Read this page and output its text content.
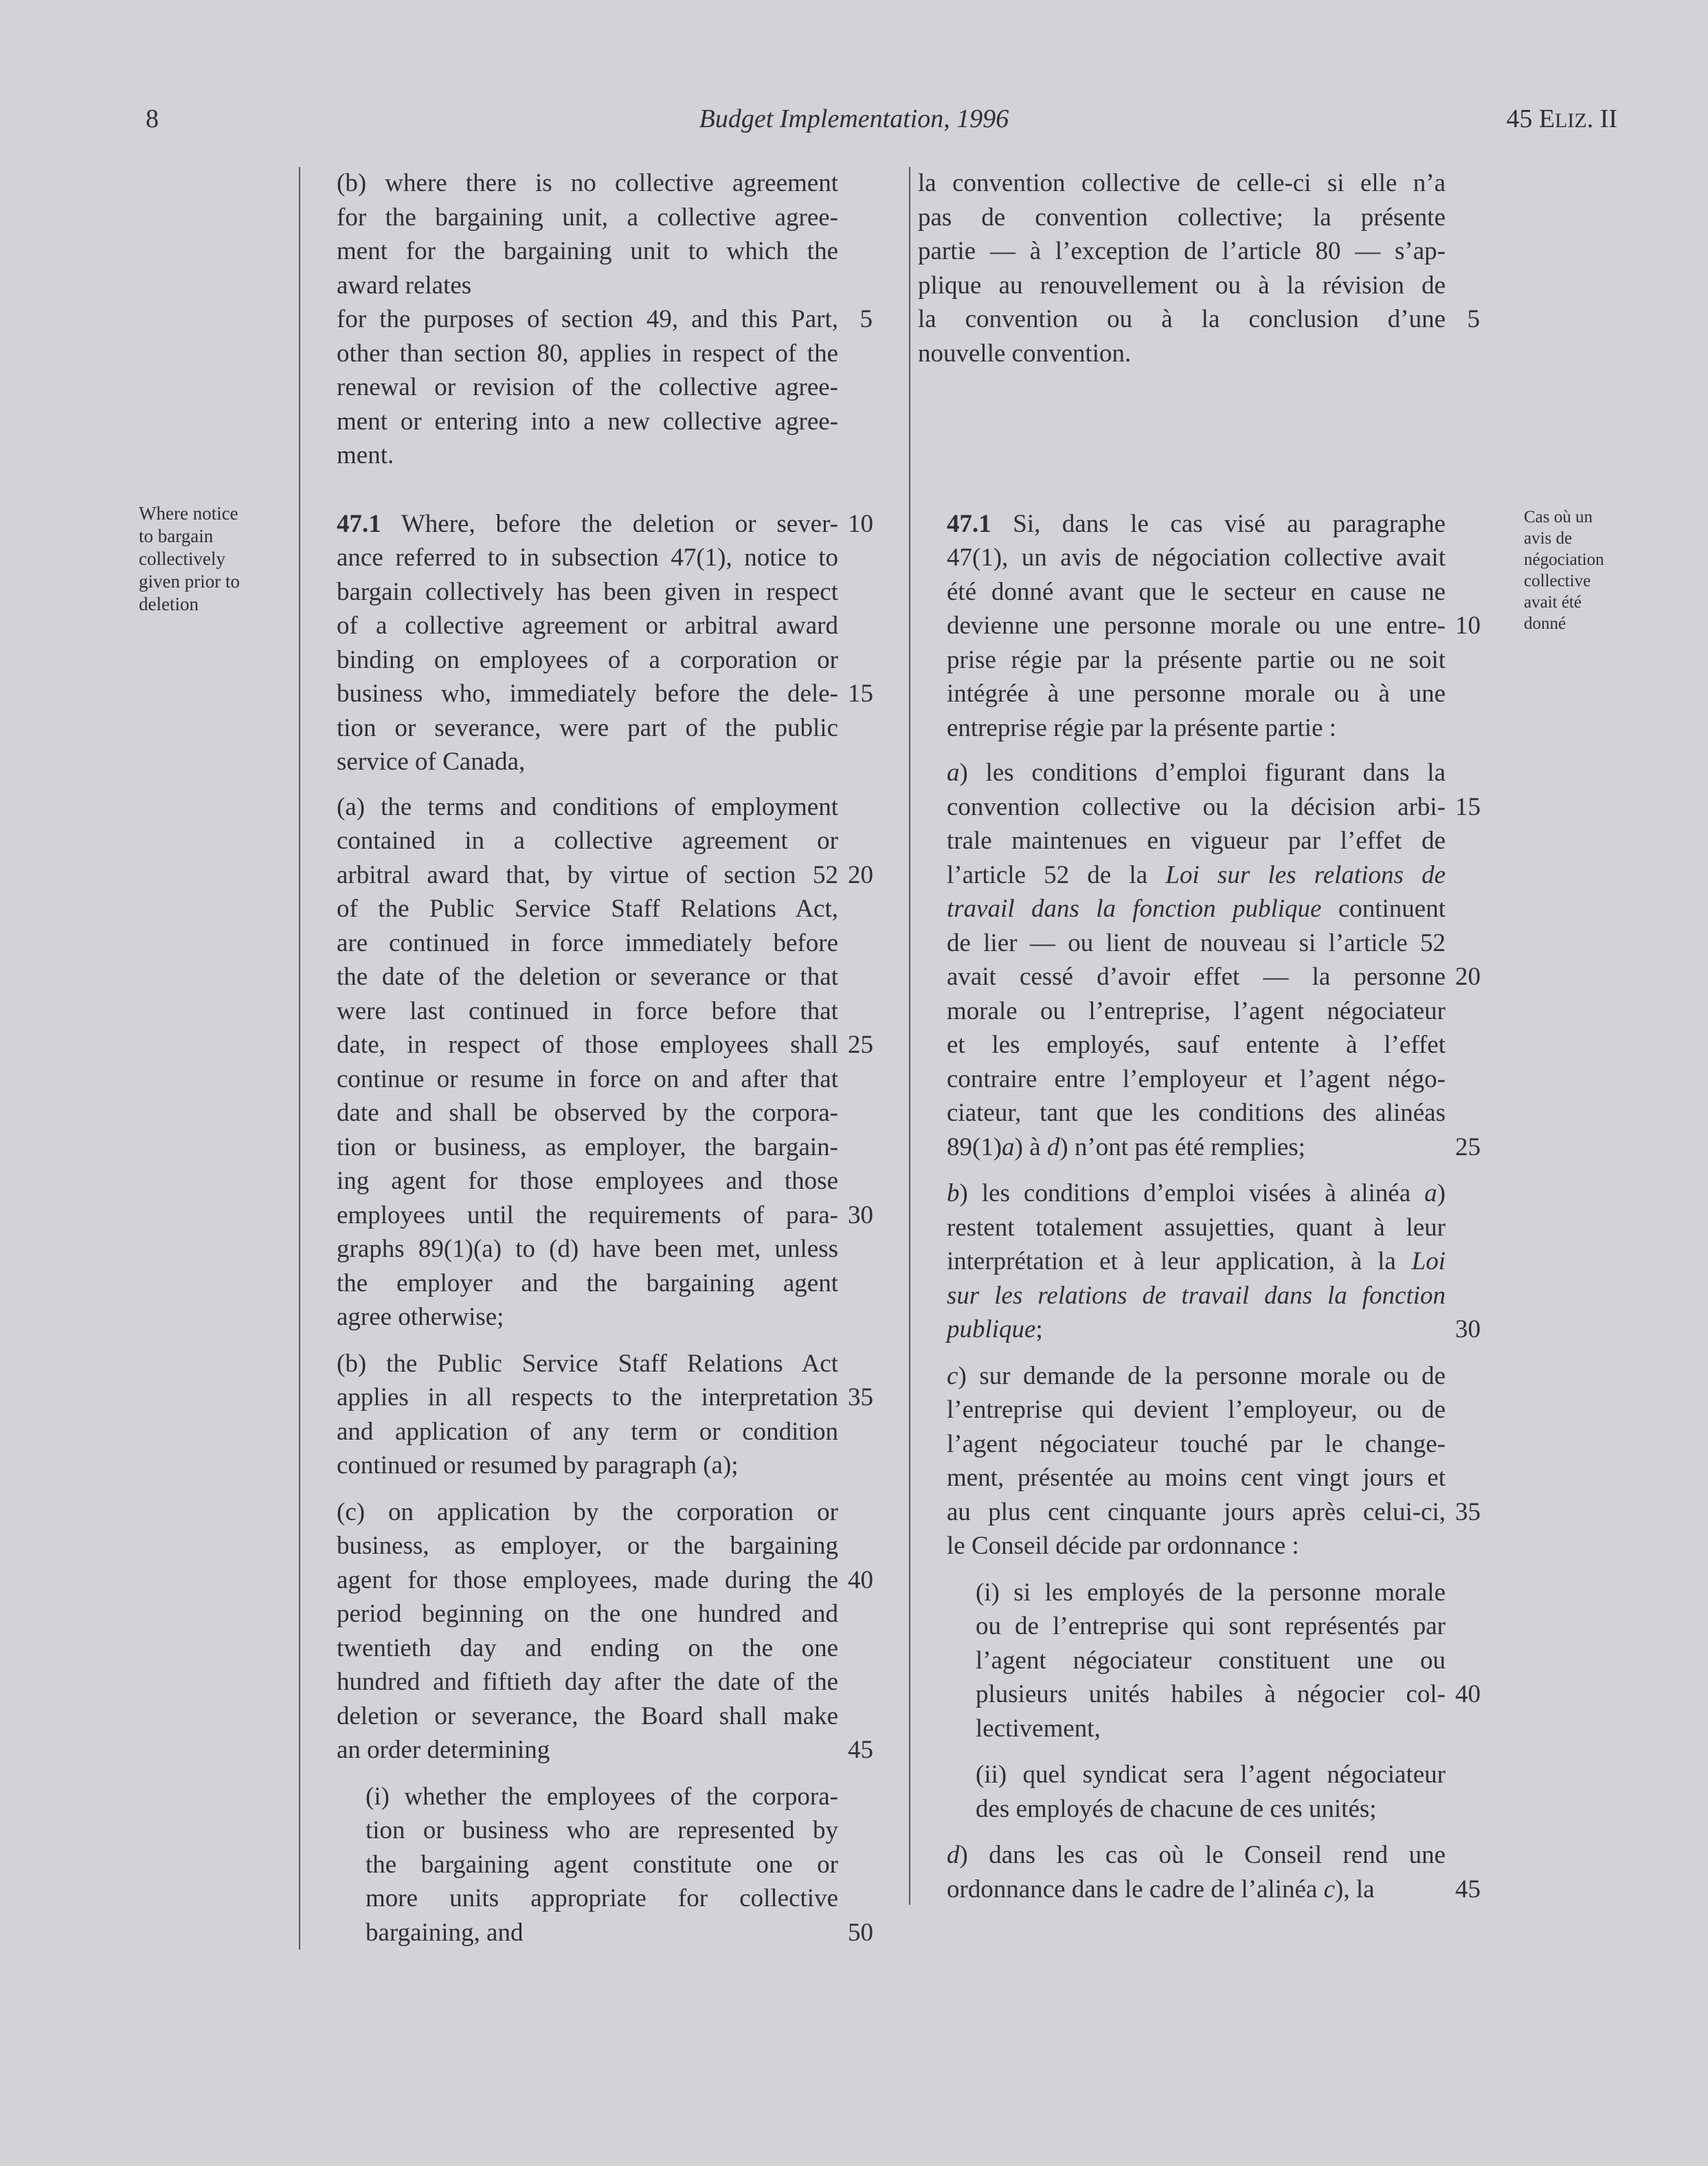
8	Budget Implementation, 1996	45 ELIZ. II
Where notice
to bargain
collectively
given prior to
deletion
Cas où un
avis de
négociation
collective
avait été
donné
(b) where there is no collective agreement
for the bargaining unit, a collective agree-
ment for the bargaining unit to which the
award relates
for the purposes of section 49, and this Part, 5
other than section 80, applies in respect of the
renewal or revision of the collective agree-
ment or entering into a new collective agree-
ment.
47.1 Where, before the deletion or sever- 10
ance referred to in subsection 47(1), notice to
bargain collectively has been given in respect
of a collective agreement or arbitral award
binding on employees of a corporation or
business who, immediately before the dele- 15
tion or severance, were part of the public
service of Canada,
(a) the terms and conditions of employment
contained in a collective agreement or
arbitral award that, by virtue of section 52 20
of the Public Service Staff Relations Act,
are continued in force immediately before
the date of the deletion or severance or that
were last continued in force before that
date, in respect of those employees shall 25
continue or resume in force on and after that
date and shall be observed by the corpora-
tion or business, as employer, the bargain-
ing agent for those employees and those
employees until the requirements of para- 30
graphs 89(1)(a) to (d) have been met, unless
the employer and the bargaining agent
agree otherwise;
(b) the Public Service Staff Relations Act
applies in all respects to the interpretation 35
and application of any term or condition
continued or resumed by paragraph (a);
(c) on application by the corporation or
business, as employer, or the bargaining
agent for those employees, made during the 40
period beginning on the one hundred and
twentieth day and ending on the one
hundred and fiftieth day after the date of the
deletion or severance, the Board shall make
an order determining	45
(i) whether the employees of the corpora-
tion or business who are represented by
the bargaining agent constitute one or
more units appropriate for collective
bargaining, and	50
la convention collective de celle-ci si elle n’a
pas de convention collective; la présente
partie — à l’exception de l’article 80 — s’ap-
plique au renouvellement ou à la révision de
la convention ou à la conclusion d’une 5
nouvelle convention.
47.1 Si, dans le cas visé au paragraphe
47(1), un avis de négociation collective avait
été donné avant que le secteur en cause ne
devienne une personne morale ou une entre- 10
prise régie par la présente partie ou ne soit
intégrée à une personne morale ou à une
entreprise régie par la présente partie :
a) les conditions d’emploi figurant dans la
convention collective ou la décision arbi- 15
trale maintenues en vigueur par l’effet de
l’article 52 de la Loi sur les relations de
travail dans la fonction publique continuent
de lier — ou lient de nouveau si l’article 52
avait cessé d’avoir effet — la personne 20
morale ou l’entreprise, l’agent négociateur
et les employés, sauf entente à l’effet
contraire entre l’employeur et l’agent négo-
ciateur, tant que les conditions des alinéas
89(1)a) à d) n’ont pas été remplies;	25
b) les conditions d’emploi visées à alinéa a)
restent totalement assujetties, quant à leur
interprétation et à leur application, à la Loi
sur les relations de travail dans la fonction
publique;	30
c) sur demande de la personne morale ou de
l’entreprise qui devient l’employeur, ou de
l’agent négociateur touché par le change-
ment, présentée au moins cent vingt jours et
au plus cent cinquante jours après celui-ci, 35
le Conseil décide par ordonnance :
(i) si les employés de la personne morale
ou de l’entreprise qui sont représentés par
l’agent négociateur constituent une ou
plusieurs unités habiles à négocier col- 40
lectivement,
(ii) quel syndicat sera l’agent négociateur
des employés de chacune de ces unités;
d) dans les cas où le Conseil rend une
ordonnance dans le cadre de l’alinéa c), la	45
